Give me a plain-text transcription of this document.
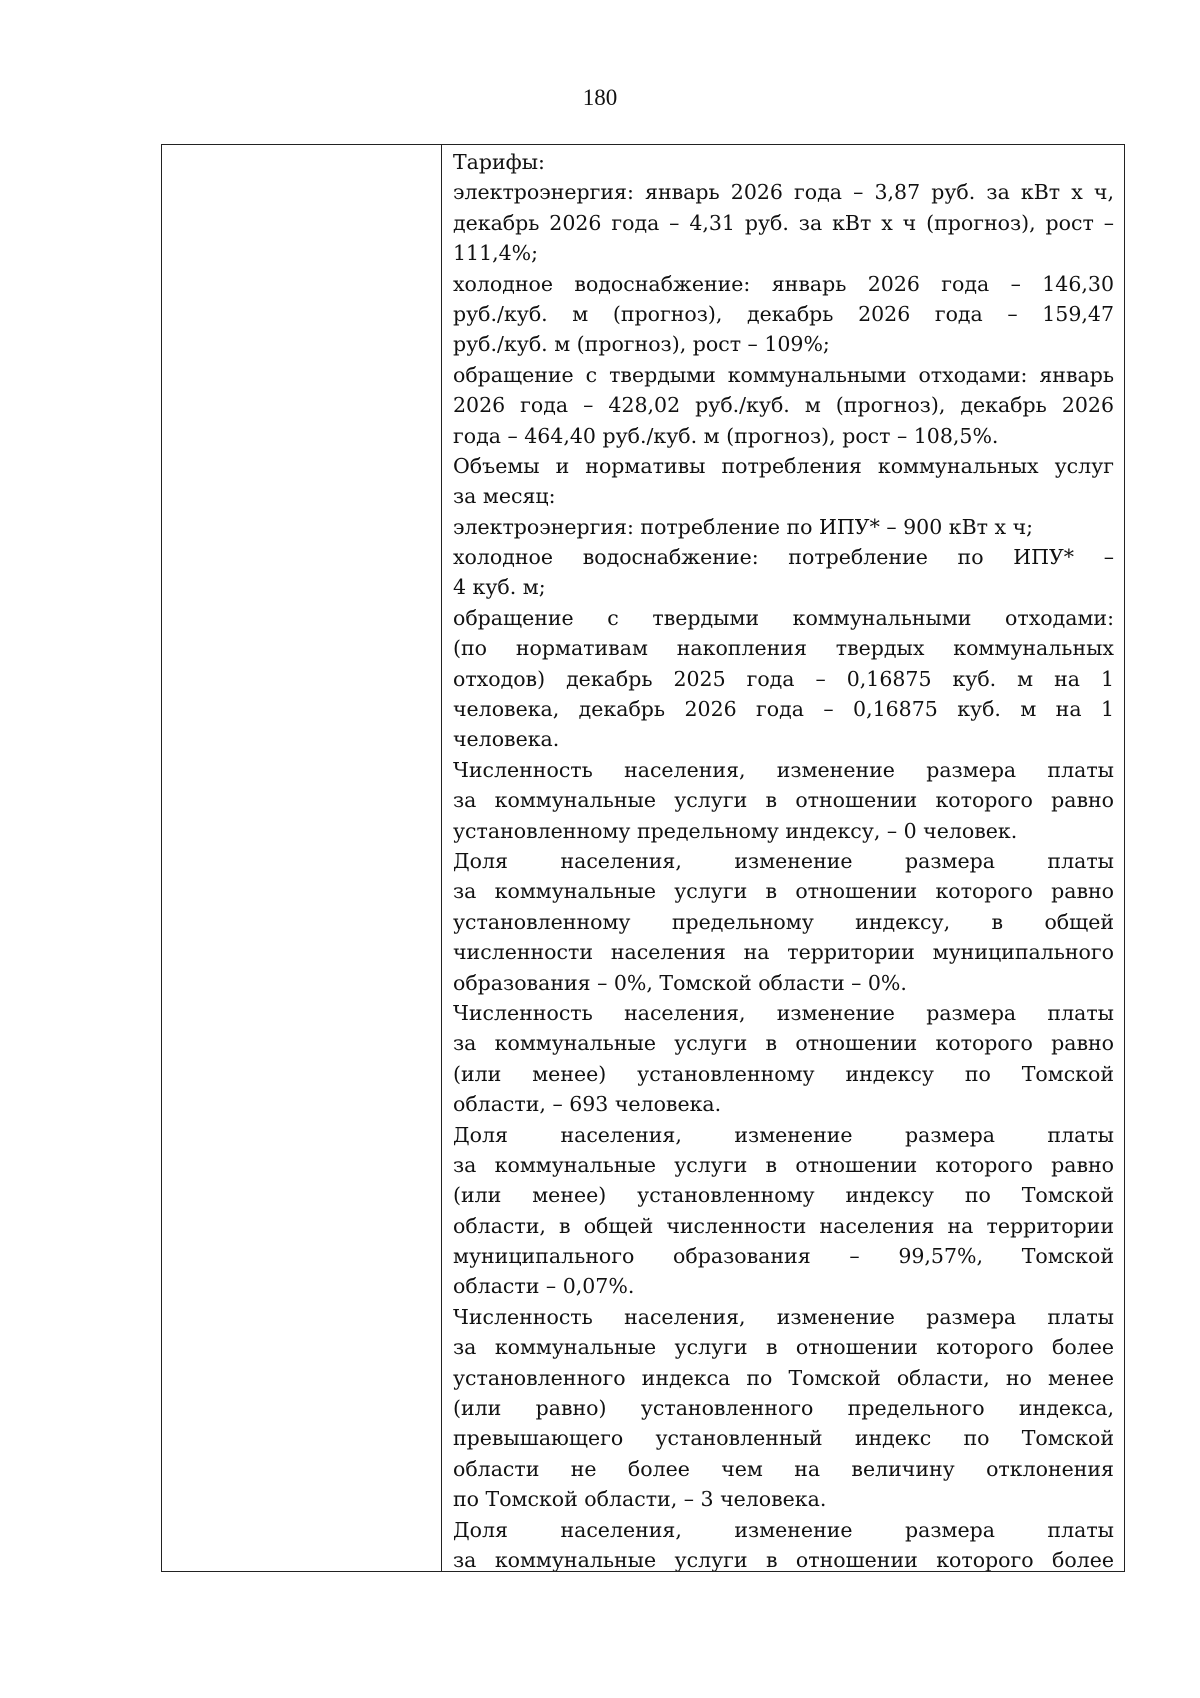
180
Тарифы:
электроэнергия: январь 2026 года – 3,87 руб. за кВт х ч,
декабрь 2026 года – 4,31 руб. за кВт х ч (прогноз), рост –
111,4%;
холодное водоснабжение: январь 2026 года – 146,30
руб./куб. м (прогноз), декабрь 2026 года – 159,47
руб./куб. м (прогноз), рост – 109%;
обращение с твердыми коммунальными отходами: январь
2026 года – 428,02 руб./куб. м (прогноз), декабрь 2026
года – 464,40 руб./куб. м (прогноз), рост – 108,5%.
Объемы и нормативы потребления коммунальных услуг
за месяц:
электроэнергия: потребление по ИПУ* – 900 кВт х ч;
холодное водоснабжение: потребление по ИПУ* –
4 куб. м;
обращение с твердыми коммунальными отходами:
(по нормативам накопления твердых коммунальных
отходов) декабрь 2025 года – 0,16875 куб. м на 1
человека, декабрь 2026 года – 0,16875 куб. м на 1
человека.
Численность населения, изменение размера платы
за коммунальные услуги в отношении которого равно
установленному предельному индексу, – 0 человек.
Доля населения, изменение размера платы
за коммунальные услуги в отношении которого равно
установленному предельному индексу, в общей
численности населения на территории муниципального
образования – 0%, Томской области – 0%.
Численность населения, изменение размера платы
за коммунальные услуги в отношении которого равно
(или менее) установленному индексу по Томской
области, – 693 человека.
Доля населения, изменение размера платы
за коммунальные услуги в отношении которого равно
(или менее) установленному индексу по Томской
области, в общей численности населения на территории
муниципального образования – 99,57%, Томской
области – 0,07%.
Численность населения, изменение размера платы
за коммунальные услуги в отношении которого более
установленного индекса по Томской области, но менее
(или равно) установленного предельного индекса,
превышающего установленный индекс по Томской
области не более чем на величину отклонения
по Томской области, – 3 человека.
Доля населения, изменение размера платы
за коммунальные услуги в отношении которого более
